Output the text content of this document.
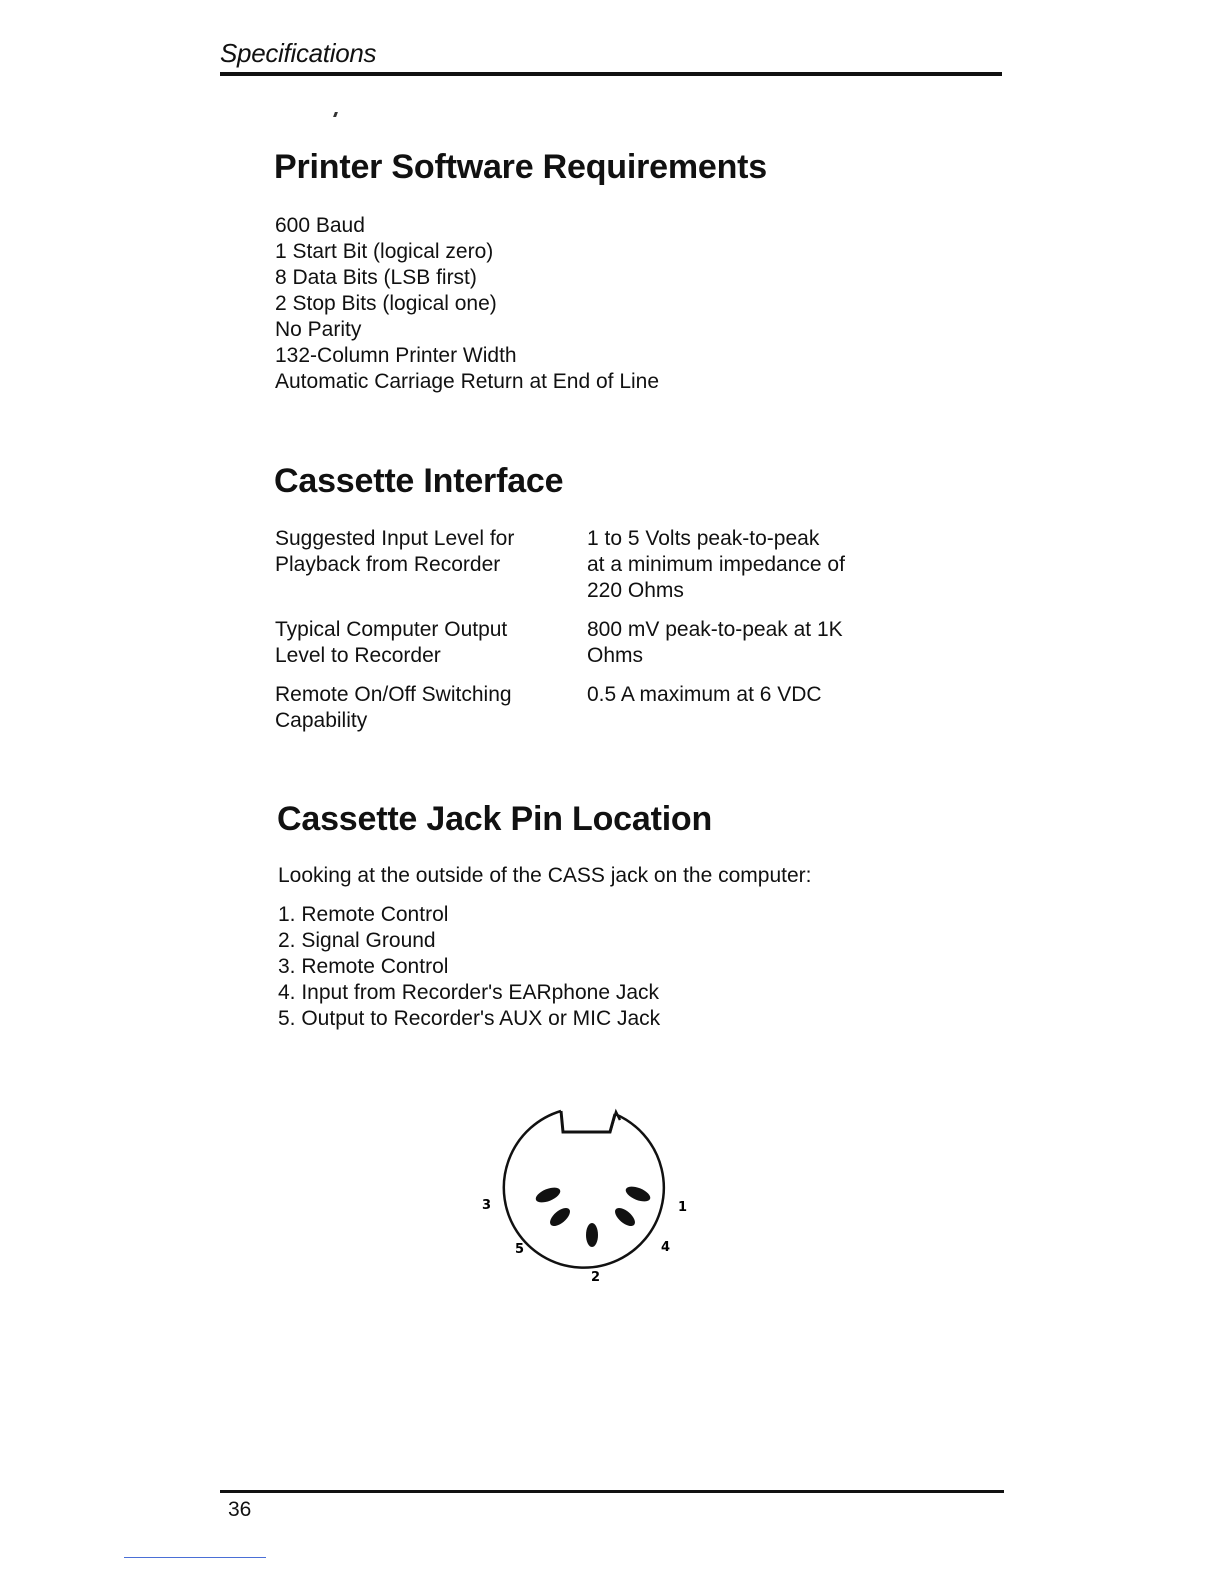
Specifications
Printer Software Requirements
600 Baud
1 Start Bit (logical zero)
8 Data Bits (LSB first)
2 Stop Bits (logical one)
No Parity
132-Column Printer Width
Automatic Carriage Return at End of Line
Cassette Interface
Suggested Input Level for
Playback from Recorder
1 to 5 Volts peak-to-peak
at a minimum impedance of
220 Ohms
Typical Computer Output
Level to Recorder
800 mV peak-to-peak at 1K
Ohms
Remote On/Off Switching
Capability
0.5 A maximum at 6 VDC
Cassette Jack Pin Location
Looking at the outside of the CASS jack on the computer:
1. Remote Control
2. Signal Ground
3. Remote Control
4. Input from Recorder's EARphone Jack
5. Output to Recorder's AUX or MIC Jack
3	1
5	4
2
36
